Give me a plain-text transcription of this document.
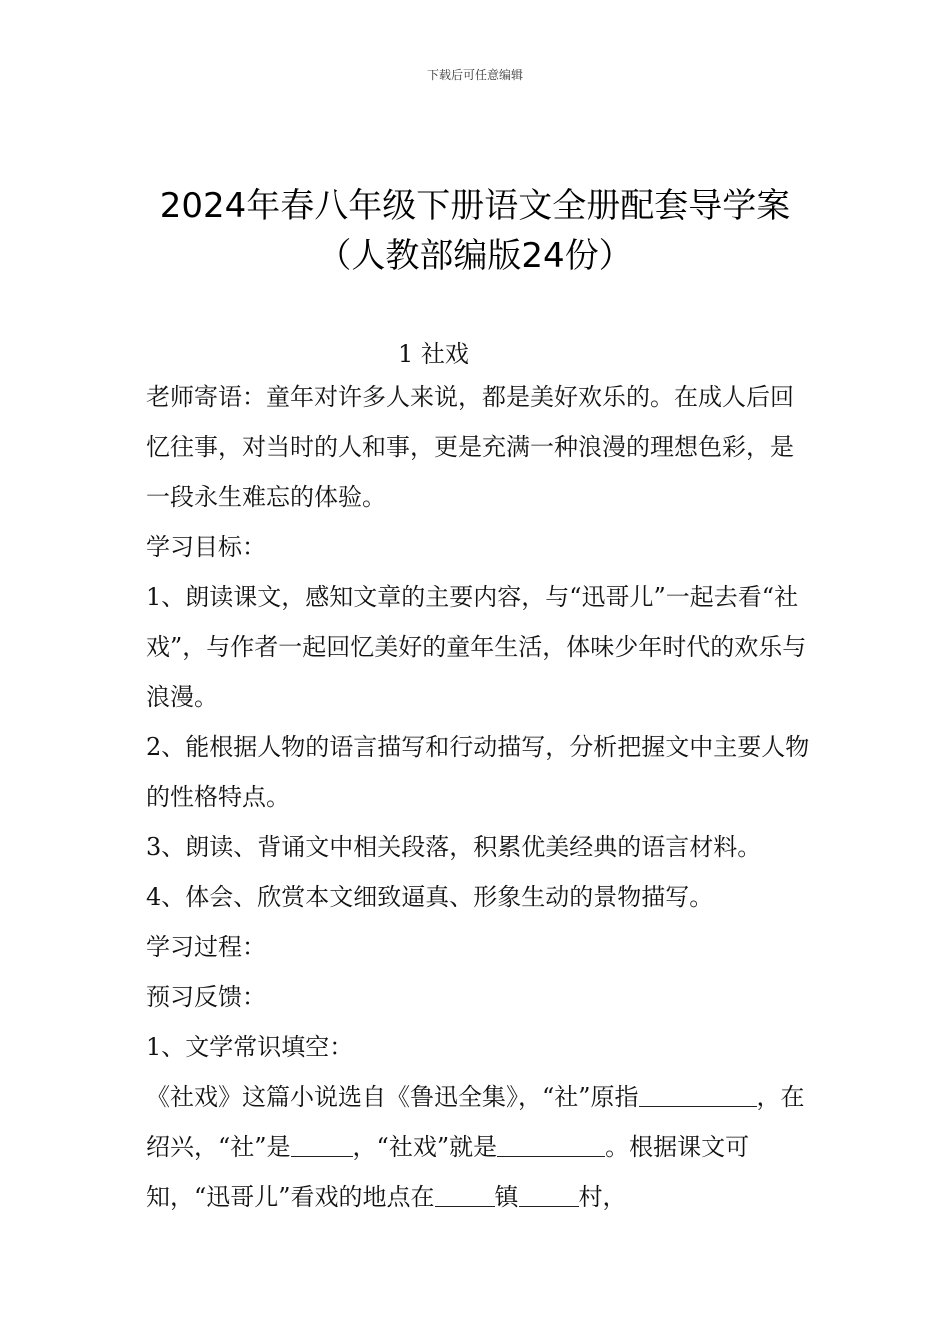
下载后可任意编辑
2024年春八年级下册语文全册配套导学案
（人教部编版24份）
1 社戏

老师寄语：童年对许多人来说，都是美好欢乐的。在成人后回忆往事，对当时的人和事，更是充满一种浪漫的理想色彩，是一段永生难忘的体验。

学习目标：

1、朗读课文，感知文章的主要内容，与“迅哥儿”一起去看“社戏”，与作者一起回忆美好的童年生活，体味少年时代的欢乐与浪漫。

2、能根据人物的语言描写和行动描写，分析把握文中主要人物的性格特点。

3、朗读、背诵文中相关段落，积累优美经典的语言材料。

4、体会、欣赏本文细致逼真、形象生动的景物描写。

学习过程：

预习反馈：

1、文学常识填空：

《社戏》这篇小说选自《鲁迅全集》，“社”原指	，在绍兴，“社”是	，“社戏”就是	。根据课文可知，“迅哥儿”看戏的地点在	镇	村，
